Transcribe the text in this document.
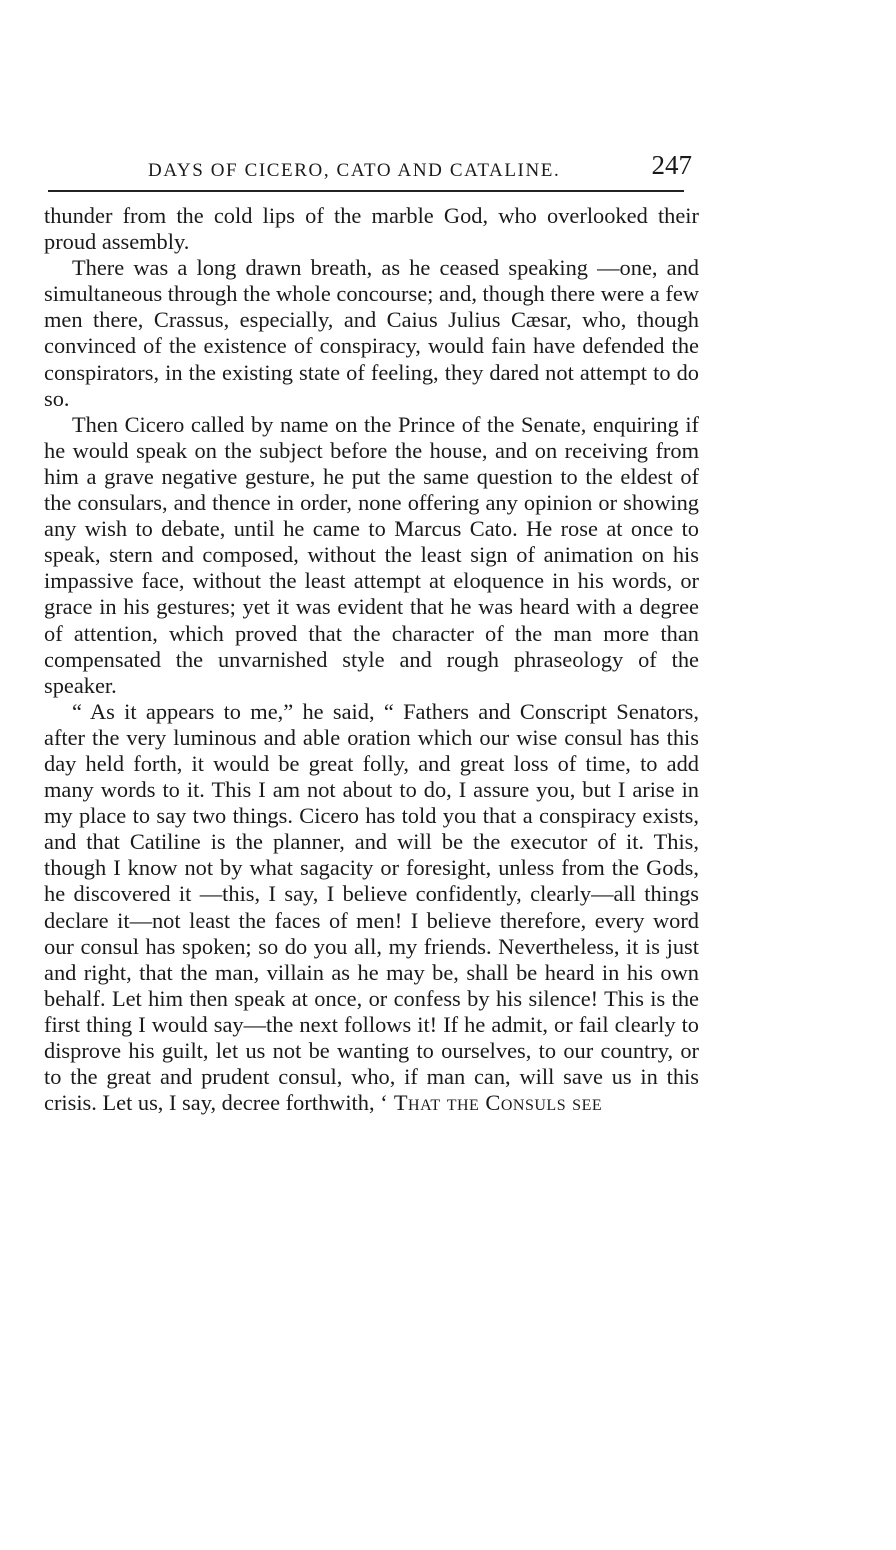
DAYS OF CICERO, CATO AND CATALINE.	247

thunder from the cold lips of the marble God, who overlooked their proud assembly.

There was a long drawn breath, as he ceased speaking —one, and simultaneous through the whole concourse; and, though there were a few men there, Crassus, especially, and Caius Julius Cæsar, who, though convinced of the existence of conspiracy, would fain have defended the conspirators, in the existing state of feeling, they dared not attempt to do so.

Then Cicero called by name on the Prince of the Senate, enquiring if he would speak on the subject before the house, and on receiving from him a grave negative gesture, he put the same question to the eldest of the consulars, and thence in order, none offering any opinion or showing any wish to debate, until he came to Marcus Cato. He rose at once to speak, stern and composed, without the least sign of animation on his impassive face, without the least attempt at eloquence in his words, or grace in his gestures; yet it was evident that he was heard with a degree of attention, which proved that the character of the man more than compensated the unvarnished style and rough phraseology of the speaker.

“ As it appears to me,” he said, “ Fathers and Conscript Senators, after the very luminous and able oration which our wise consul has this day held forth, it would be great folly, and great loss of time, to add many words to it. This I am not about to do, I assure you, but I arise in my place to say two things. Cicero has told you that a conspiracy exists, and that Catiline is the planner, and will be the executor of it. This, though I know not by what sagacity or foresight, unless from the Gods, he discovered it —this, I say, I believe confidently, clearly—all things declare it—not least the faces of men! I believe therefore, every word our consul has spoken; so do you all, my friends. Nevertheless, it is just and right, that the man, villain as he may be, shall be heard in his own behalf. Let him then speak at once, or confess by his silence! This is the first thing I would say—the next follows it! If he admit, or fail clearly to disprove his guilt, let us not be wanting to ourselves, to our country, or to the great and prudent consul, who, if man can, will save us in this crisis. Let us, I say, decree forthwith, ‘ That the Consuls see
